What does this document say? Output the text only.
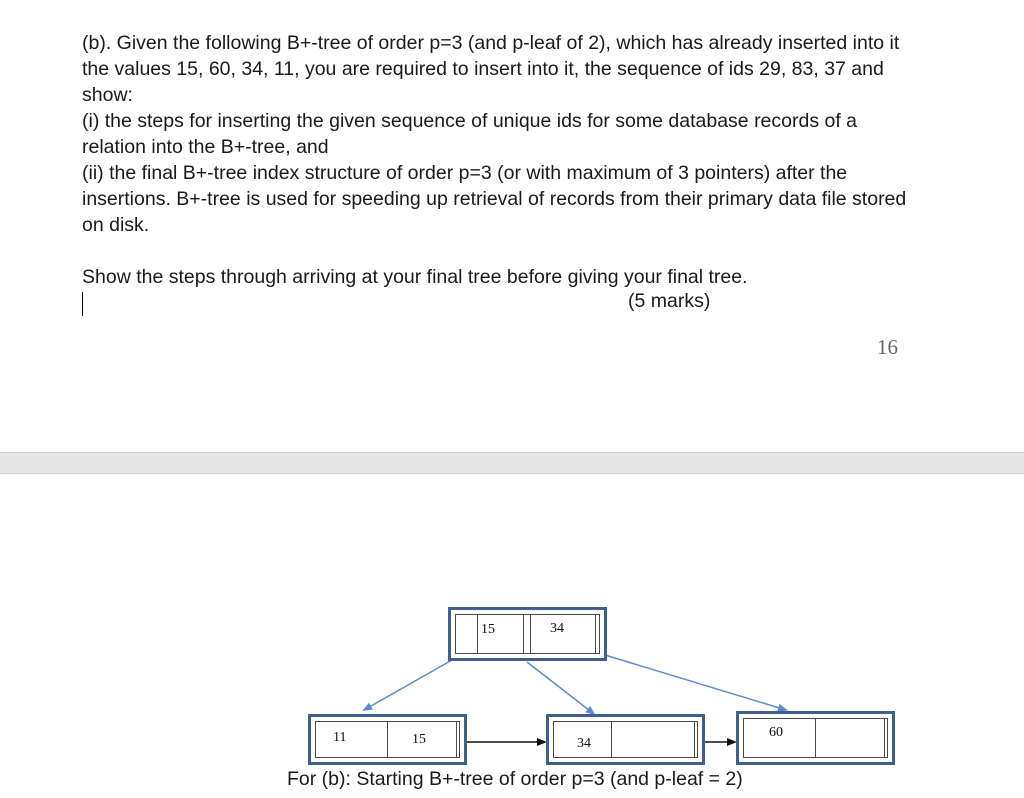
(b). Given the following B+-tree of order p=3 (and p-leaf of 2), which has already inserted into it the values 15, 60, 34, 11, you are required to insert into it, the sequence of ids 29, 83, 37 and show:

(i) the steps for inserting the given sequence of unique ids for some database records of a relation into the B+-tree, and

(ii) the final B+-tree index structure of order p=3 (or with maximum of 3 pointers) after the insertions. B+-tree is used for speeding up retrieval of records from their primary data file stored on disk.

Show the steps through arriving at your final tree before giving your final tree.

(5 marks)
16
15	34
11	15	34
60
For (b): Starting B+-tree of order p=3 (and p-leaf = 2)
